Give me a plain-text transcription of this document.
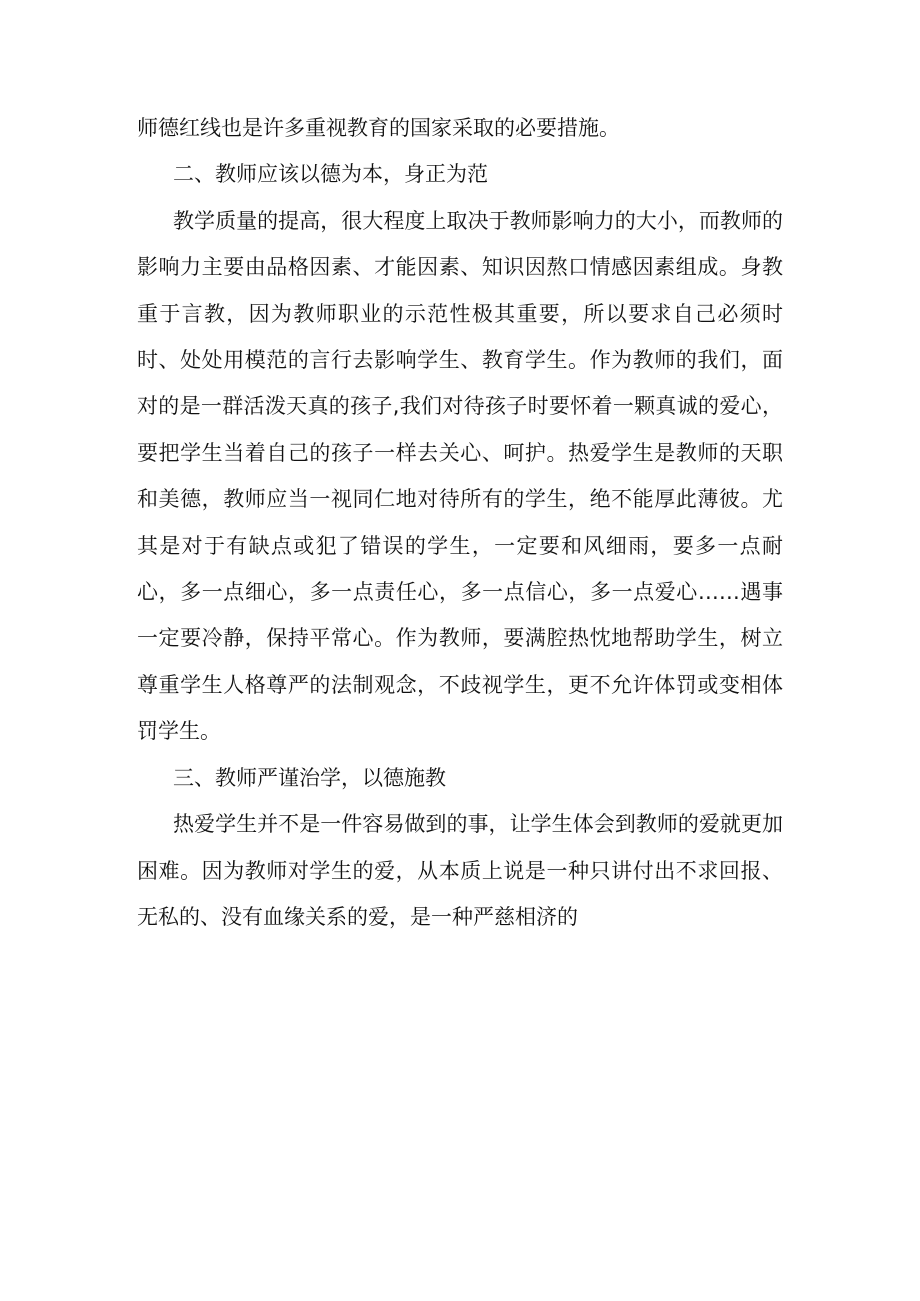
师德红线也是许多重视教育的国家采取的必要措施。

二、教师应该以德为本，身正为范

教学质量的提高，很大程度上取决于教师影响力的大小，而教师的影响力主要由品格因素、才能因素、知识因熬口情感因素组成。身教重于言教，因为教师职业的示范性极其重要，所以要求自己必须时时、处处用模范的言行去影响学生、教育学生。作为教师的我们，面对的是一群活泼天真的孩子,我们对待孩子时要怀着一颗真诚的爱心，要把学生当着自己的孩子一样去关心、呵护。热爱学生是教师的天职和美德，教师应当一视同仁地对待所有的学生，绝不能厚此薄彼。尤其是对于有缺点或犯了错误的学生，一定要和风细雨，要多一点耐心，多一点细心，多一点责任心，多一点信心，多一点爱心……遇事一定要冷静，保持平常心。作为教师，要满腔热忱地帮助学生，树立尊重学生人格尊严的法制观念，不歧视学生，更不允许体罚或变相体罚学生。

三、教师严谨治学，以德施教

热爱学生并不是一件容易做到的事，让学生体会到教师的爱就更加困难。因为教师对学生的爱，从本质上说是一种只讲付出不求回报、无私的、没有血缘关系的爱，是一种严慈相济的
